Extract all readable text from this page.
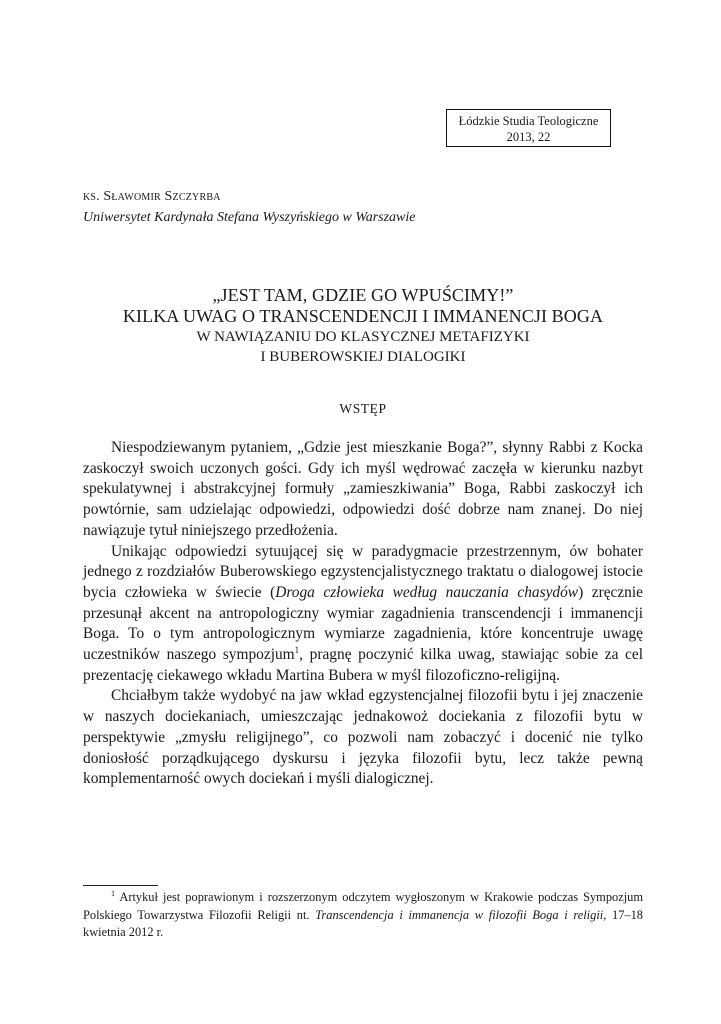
Łódzkie Studia Teologiczne
2013, 22
ks. Sławomir Szczyrba
Uniwersytet Kardynała Stefana Wyszyńskiego w Warszawie
„JEST TAM, GDZIE GO WPUŚCIMY!”
KILKA UWAG O TRANSCENDENCJI I IMMANENCJI BOGA
W NAWIĄZANIU DO KLASYCZNEJ METAFIZYKI
I BUBEROWSKIEJ DIALOGIKI
WSTĘP

Niespodziewanym pytaniem, „Gdzie jest mieszkanie Boga?”, słynny Rabbi z Kocka zaskoczył swoich uczonych gości. Gdy ich myśl wędrować zaczęła w kierunku nazbyt spekulatywnej i abstrakcyjnej formuły „zamieszkiwania” Boga, Rabbi zaskoczył ich powtórnie, sam udzielając odpowiedzi, odpowiedzi dość dobrze nam znanej. Do niej nawiązuje tytuł niniejszego przedłożenia.

Unikając odpowiedzi sytuującej się w paradygmacie przestrzennym, ów bohater jednego z rozdziałów Buberowskiego egzystencjalistycznego traktatu o dialogowej istocie bycia człowieka w świecie (Droga człowieka według nauczania chasydów) zręcznie przesunął akcent na antropologiczny wymiar zagadnienia transcendencji i immanencji Boga. To o tym antropologicznym wymiarze zagadnienia, które koncentruje uwagę uczestników naszego sympozjum$^1$, pragnę poczynić kilka uwag, stawiając sobie za cel prezentację ciekawego wkładu Martina Bubera w myśl filozoficzno-religijną.

Chciałbym także wydobyć na jaw wkład egzystencjalnej filozofii bytu i jej znaczenie w naszych dociekaniach, umieszczając jednakowoż dociekania z filozofii bytu w perspektywie „zmysłu religijnego”, co pozwoli nam zobaczyć i docenić nie tylko doniosłość porządkującego dyskursu i języka filozofii bytu, lecz także pewną komplementarność owych dociekań i myśli dialogicznej.

$^1$ Artykuł jest poprawionym i rozszerzonym odczytem wygłoszonym w Krakowie podczas Sympozjum Polskiego Towarzystwa Filozofii Religii nt. Transcendencja i immanencja w filozofii Boga i religii, 17–18 kwietnia 2012 r.
